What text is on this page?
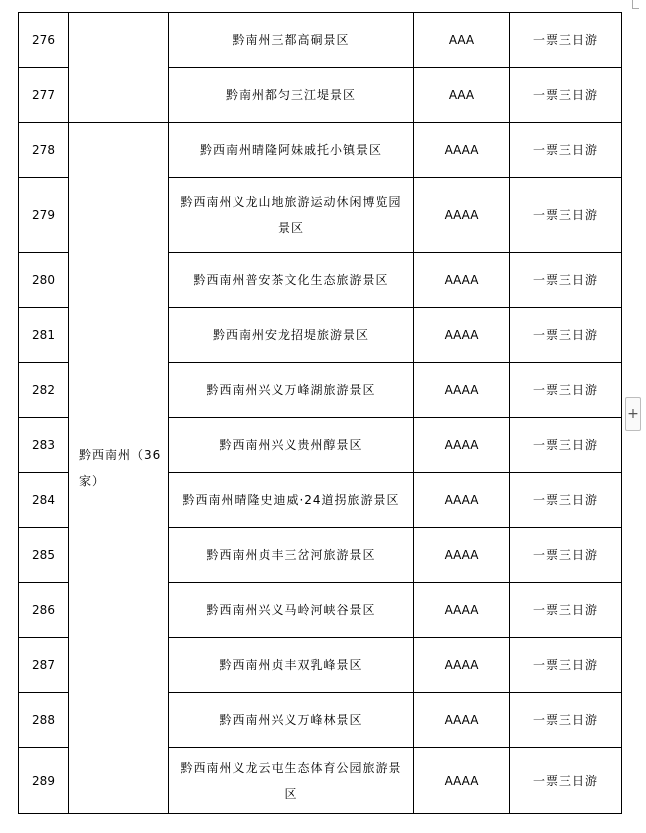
276		黔南州三都高硐景区	AAA	一票三日游
277		黔南州都匀三江堤景区	AAA	一票三日游
278	黔西南州（36家）	黔西南州晴隆阿妹戚托小镇景区	AAAA	一票三日游
279		黔西南州义龙山地旅游运动休闲博览园景区	AAAA	一票三日游
280		黔西南州普安茶文化生态旅游景区	AAAA	一票三日游
281		黔西南州安龙招堤旅游景区	AAAA	一票三日游
282		黔西南州兴义万峰湖旅游景区	AAAA	一票三日游
283		黔西南州兴义贵州醇景区	AAAA	一票三日游
284		黔西南州晴隆史迪威·24道拐旅游景区	AAAA	一票三日游
285		黔西南州贞丰三岔河旅游景区	AAAA	一票三日游
286		黔西南州兴义马岭河峡谷景区	AAAA	一票三日游
287		黔西南州贞丰双乳峰景区	AAAA	一票三日游
288		黔西南州兴义万峰林景区	AAAA	一票三日游
289		黔西南州义龙云屯生态体育公园旅游景区	AAAA	一票三日游
+
